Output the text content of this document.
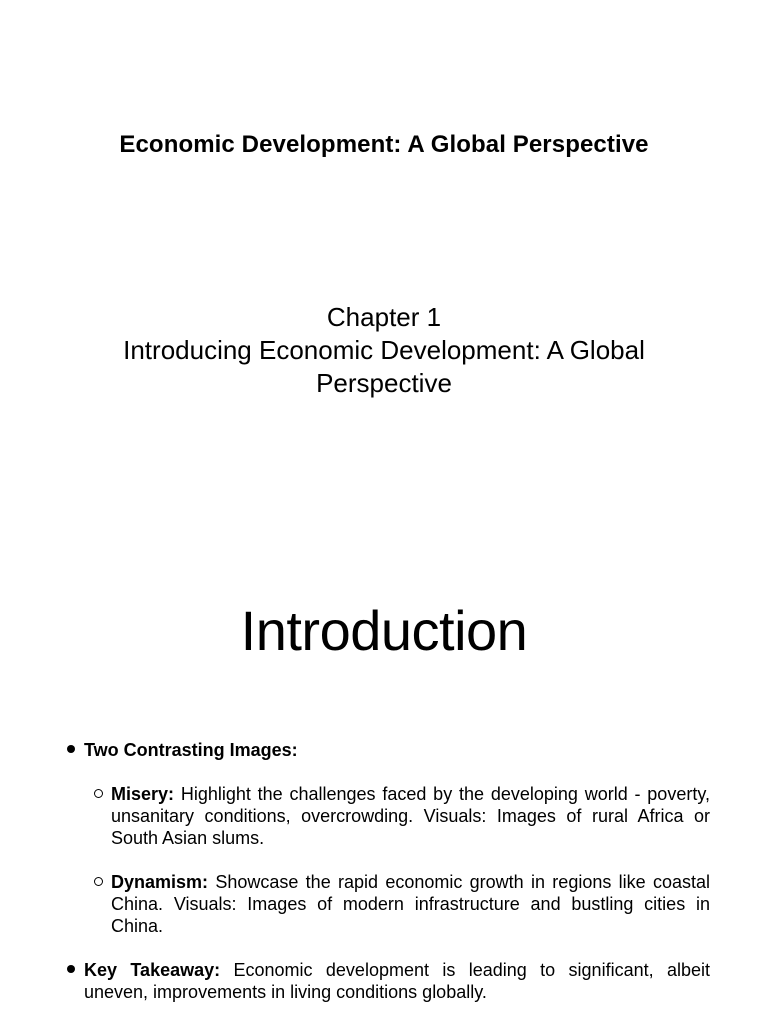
Economic Development: A Global Perspective
Chapter 1
Introducing Economic Development: A Global
Perspective
Introduction
Two Contrasting Images:
Misery: Highlight the challenges faced by the developing world - poverty, unsanitary conditions, overcrowding. Visuals: Images of rural Africa or South Asian slums.
Dynamism: Showcase the rapid economic growth in regions like coastal China. Visuals: Images of modern infrastructure and bustling cities in China.
Key Takeaway: Economic development is leading to significant, albeit uneven, improvements in living conditions globally.
